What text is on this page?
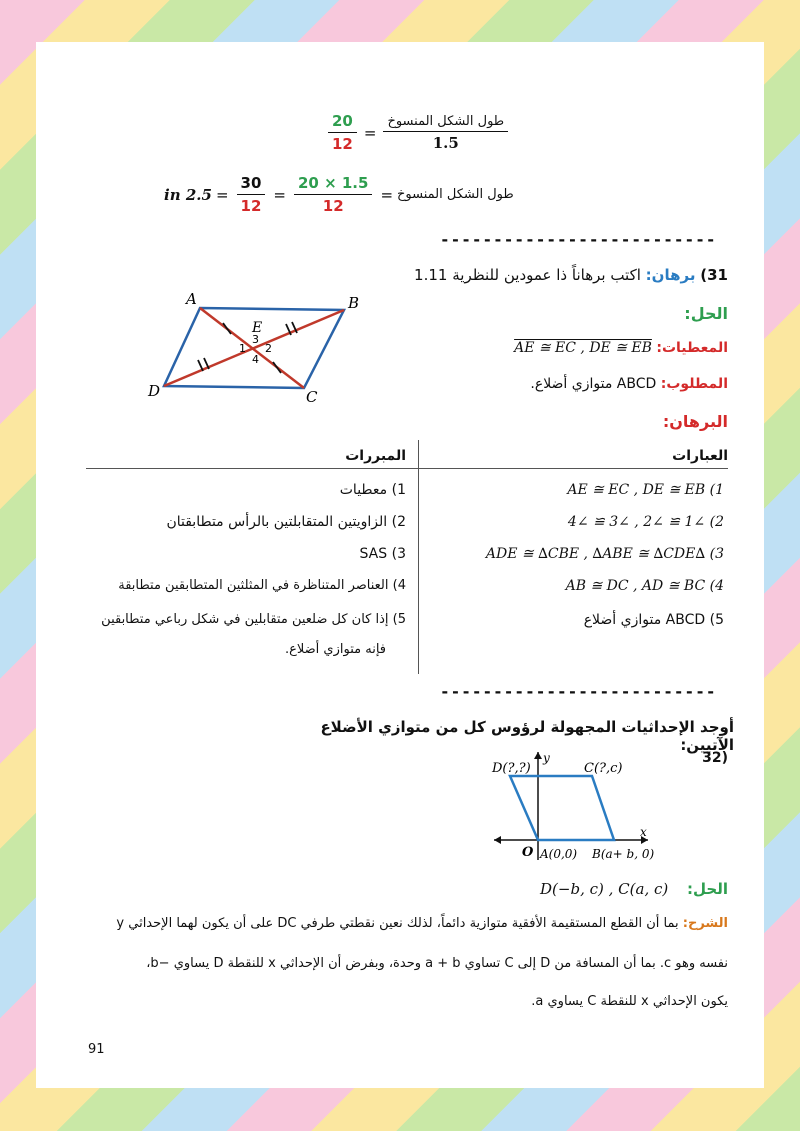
$\frac{20}{12} = \frac{\text{طول الشكل المنسوخ}}{1.5}$
in $2.5 = \frac{30}{12} = \frac{20 \times 1.5}{12}$ = طول الشكل المنسوخ
--------------------------
31) برهان: اكتب برهاناً ذا عمودين للنظرية 1.11
A	B
C
D
E
1 2
3
4
الحل:
المعطيات: AE ≅ EC , DE ≅ EB
المطلوب: ABCD متوازي أضلاع.
البرهان:
العبارات
المبررات
1) AE ≅ EC , DE ≅ EB
1) معطيات
2) ∠1 ≅ ∠2 , ∠3 ≅ ∠4
2) الزاويتين المتقابلتين بالرأس متطابقتان
3) ∆ADE ≅ ∆CBE , ∆ABE ≅ ∆CDE
3) SAS
4) AB ≅ DC , AD ≅ BC
4) العناصر المتناظرة في المثلثين المتطابقين متطابقة
5) ABCD متوازي أضلاع
5) إذا كان كل ضلعين متقابلين في شكل رباعي متطابقين
فإنه متوازي أضلاع.
--------------------------
أوجد الإحداثيات المجهولة لرؤوس كل من متوازي الأضلاع الآتيين:
32)
D(?,?)	C(?,c)
y
x
O A(0,0) B(a+ b, 0)
الحل: D(−b, c) , C(a, c)
الشرح: بما أن القطع المستقيمة الأفقية متوازية دائماً، لذلك نعين نقطتي طرفي DC على أن يكون لهما الإحداثي y
نفسه وهو c. بما أن المسافة من D إلى C تساوي a + b وحدة، وبفرض أن الإحداثي x للنقطة D يساوي −b،
يكون الإحداثي x للنقطة C يساوي a.
91
